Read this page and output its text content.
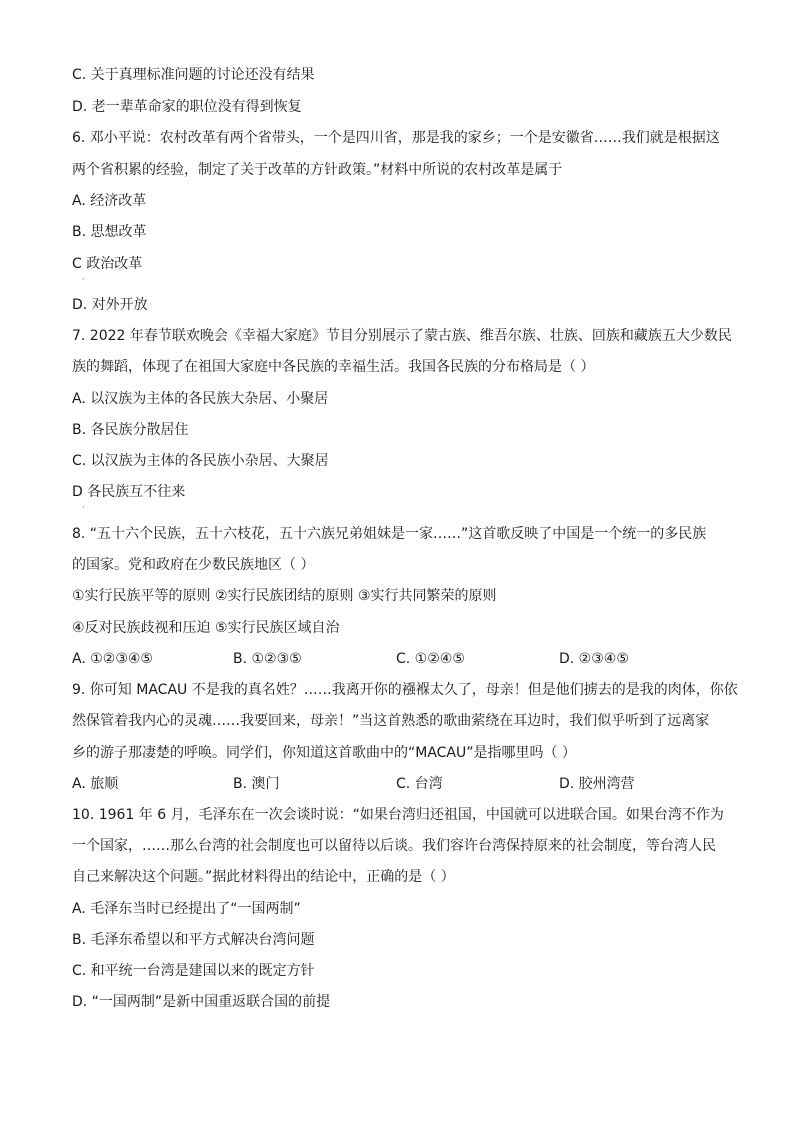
C. 关于真理标准问题的讨论还没有结果
D. 老一辈革命家的职位没有得到恢复
6. 邓小平说：农村改革有两个省带头，一个是四川省，那是我的家乡；一个是安徽省……我们就是根据这
两个省积累的经验，制定了关于改革的方针政策。”材料中所说的农村改革是属于
A. 经济改革
B. 思想改革
C 政治改革
·
D. 对外开放
7. 2022 年春节联欢晚会《幸福大家庭》节目分别展示了蒙古族、维吾尔族、壮族、回族和藏族五大少数民
族的舞蹈，体现了在祖国大家庭中各民族的幸福生活。我国各民族的分布格局是（ ）
A. 以汉族为主体的各民族大杂居、小聚居
B. 各民族分散居住
C. 以汉族为主体的各民族小杂居、大聚居
D 各民族互不往来
·
8. “五十六个民族，五十六枝花，五十六族兄弟姐妹是一家……”这首歌反映了中国是一个统一的多民族
的国家。党和政府在少数民族地区（ ）
①实行民族平等的原则 ②实行民族团结的原则 ③实行共同繁荣的原则
④反对民族歧视和压迫 ⑤实行民族区域自治
A. ①②③④⑤	B. ①②③⑤	C. ①②④⑤	D. ②③④⑤
9. 你可知 MACAU 不是我的真名姓？……我离开你的襁褓太久了，母亲！但是他们掳去的是我的肉体，你依
然保管着我内心的灵魂……我要回来，母亲！”当这首熟悉的歌曲萦绕在耳边时，我们似乎听到了远离家
乡的游子那凄楚的呼唤。同学们，你知道这首歌曲中的“MACAU”是指哪里吗（ ）
A. 旅顺	B. 澳门	C. 台湾	D. 胶州湾营
10. 1961 年 6 月，毛泽东在一次会谈时说：“如果台湾归还祖国，中国就可以进联合国。如果台湾不作为
一个国家，……那么台湾的社会制度也可以留待以后谈。我们容许台湾保持原来的社会制度，等台湾人民
自己来解决这个问题。”据此材料得出的结论中，正确的是（ ）
A. 毛泽东当时已经提出了“一国两制”
B. 毛泽东希望以和平方式解决台湾问题
C. 和平统一台湾是建国以来的既定方针
D. “一国两制”是新中国重返联合国的前提
